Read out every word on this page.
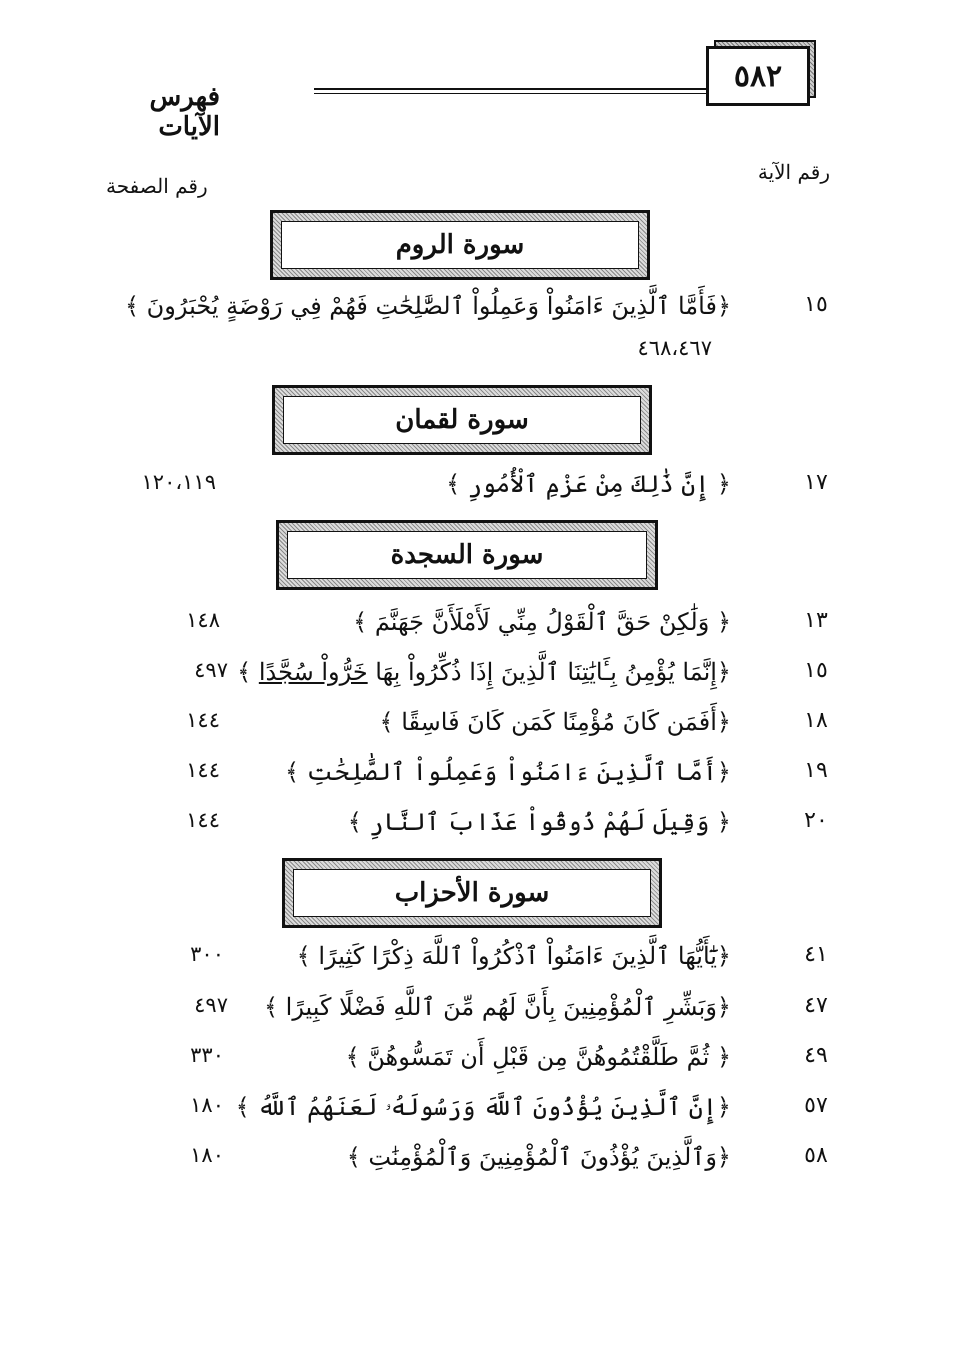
٥٨٢
فهرس الآيات
رقم الآية
رقم الصفحة
سورة الروم
١٥
﴿فَأَمَّا ٱلَّذِينَ ءَامَنُواْ وَعَمِلُواْ ٱلصَّٰلِحَٰتِ فَهُمْ فِي رَوْضَةٍ يُحْبَرُونَ ﴾
٤٦٨،٤٦٧
سورة لقمان
١٧
﴿ إِنَّ ذَٰلِكَ مِنْ عَزْمِ ٱلْأُمُورِ ﴾
١٢٠،١١٩
سورة السجدة
١٣
﴿ وَلَٰكِنْ حَقَّ ٱلْقَوْلُ مِنِّي لَأَمْلَأَنَّ جَهَنَّمَ ﴾
١٤٨
١٥
﴿إِنَّمَا يُؤْمِنُ بِـَٔايَٰتِنَا ٱلَّذِينَ إِذَا ذُكِّرُواْ بِهَا خَرُّواْ سُجَّدًا ﴾
٤٩٧
١٨
﴿أَفَمَن كَانَ مُؤْمِنًا كَمَن كَانَ فَاسِقًا ﴾
١٤٤
١٩
﴿أَمَّا ٱلَّذِينَ ءَامَنُواْ وَعَمِلُواْ ٱلصَّٰلِحَٰتِ ﴾
١٤٤
٢٠
﴿ وَقِيلَ لَهُمْ ذُوقُواْ عَذَابَ ٱلنَّارِ ﴾
١٤٤
سورة الأحزاب
٤١
﴿يَٰٓأَيُّهَا ٱلَّذِينَ ءَامَنُواْ ٱذْكُرُواْ ٱللَّهَ ذِكْرًا كَثِيرًا ﴾
٣٠٠
٤٧
﴿وَبَشِّرِ ٱلْمُؤْمِنِينَ بِأَنَّ لَهُم مِّنَ ٱللَّهِ فَضْلًا كَبِيرًا ﴾
٤٩٧
٤٩
﴿ ثُمَّ طَلَّقْتُمُوهُنَّ مِن قَبْلِ أَن تَمَسُّوهُنَّ ﴾
٣٣٠
٥٧
﴿إِنَّ ٱلَّذِينَ يُؤْذُونَ ٱللَّهَ وَرَسُولَهُۥ لَعَنَهُمُ ٱللَّهُ ﴾
١٨٠
٥٨
﴿وَٱلَّذِينَ يُؤْذُونَ ٱلْمُؤْمِنِينَ وَٱلْمُؤْمِنَٰتِ ﴾
١٨٠
